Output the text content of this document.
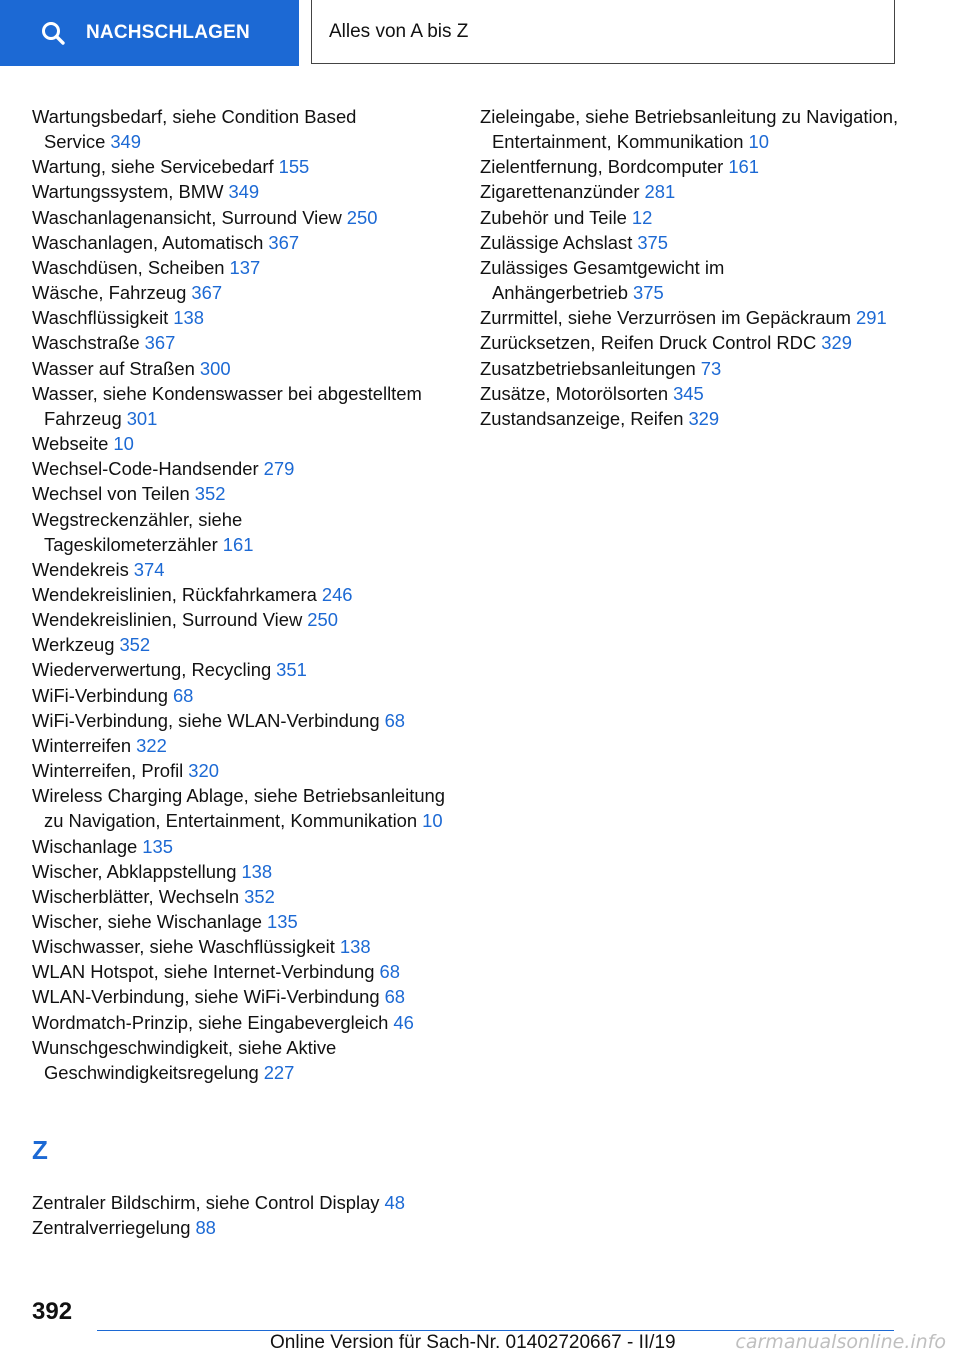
NACHSCHLAGEN	Alles von A bis Z
Wartungsbedarf, siehe Condition Based Service 349
Wartung, siehe Servicebedarf 155
Wartungssystem, BMW 349
Waschanlagenansicht, Surround View 250
Waschanlagen, Automatisch 367
Waschdüsen, Scheiben 137
Wäsche, Fahrzeug 367
Waschflüssigkeit 138
Waschstraße 367
Wasser auf Straßen 300
Wasser, siehe Kondenswasser bei abgestelltem Fahrzeug 301
Webseite 10
Wechsel-Code-Handsender 279
Wechsel von Teilen 352
Wegstreckenzähler, siehe Tageskilometerzähler 161
Wendekreis 374
Wendekreislinien, Rückfahrkamera 246
Wendekreislinien, Surround View 250
Werkzeug 352
Wiederverwertung, Recycling 351
WiFi-Verbindung 68
WiFi-Verbindung, siehe WLAN-Verbindung 68
Winterreifen 322
Winterreifen, Profil 320
Wireless Charging Ablage, siehe Betriebsanleitung zu Navigation, Entertainment, Kommunikation 10
Wischanlage 135
Wischer, Abklappstellung 138
Wischerblätter, Wechseln 352
Wischer, siehe Wischanlage 135
Wischwasser, siehe Waschflüssigkeit 138
WLAN Hotspot, siehe Internet-Verbindung 68
WLAN-Verbindung, siehe WiFi-Verbindung 68
Wordmatch-Prinzip, siehe Eingabevergleich 46
Wunschgeschwindigkeit, siehe Aktive Geschwindigkeitsregelung 227
Zieleingabe, siehe Betriebsanleitung zu Navigation, Entertainment, Kommunikation 10
Zielentfernung, Bordcomputer 161
Zigarettenanzünder 281
Zubehör und Teile 12
Zulässige Achslast 375
Zulässiges Gesamtgewicht im Anhängerbetrieb 375
Zurrmittel, siehe Verzurrösen im Gepäckraum 291
Zurücksetzen, Reifen Druck Control RDC 329
Zusatzbetriebsanleitungen 73
Zusätze, Motorölsorten 345
Zustandsanzeige, Reifen 329
Z
Zentraler Bildschirm, siehe Control Display 48
Zentralverriegelung 88
392
Online Version für Sach-Nr. 01402720667 - II/19	carmanualsonline.info
